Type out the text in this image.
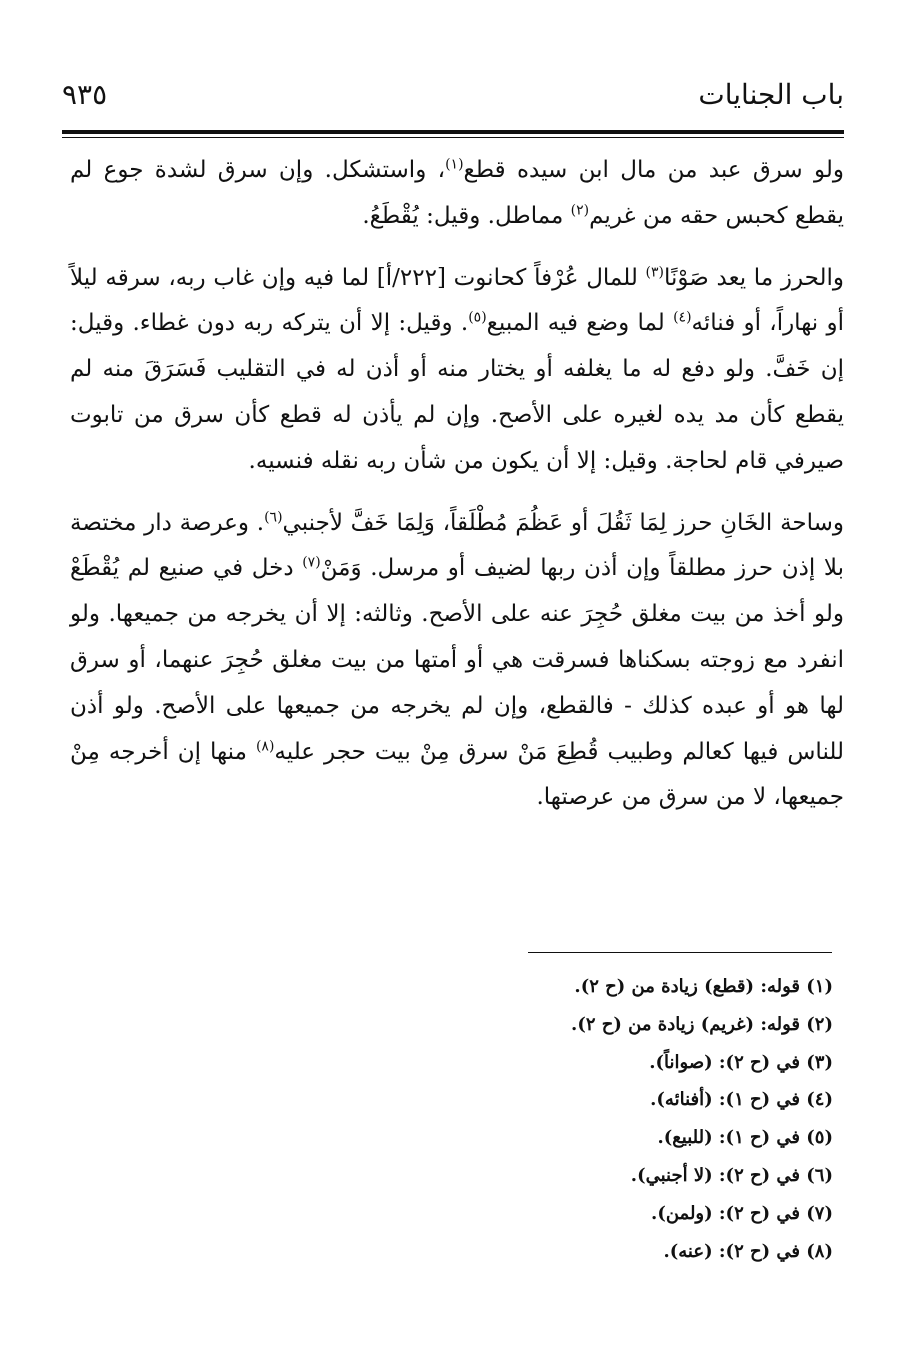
باب الجنايات
٩٣٥

ولو سرق عبد من مال ابن سيده قطع$^{(١)}$، واستشكل. وإن سرق لشدة جوع لم يقطع كحبس حقه من غريم$^{(٢)}$ مماطل. وقيل: يُقْطَعُ.

والحرز ما يعد صَوْنًا$^{(٣)}$ للمال عُرْفاً كحانوت [٢٢٢/أ] لما فيه وإن غاب ربه، سرقه ليلاً أو نهاراً، أو فنائه$^{(٤)}$ لما وضع فيه المبيع$^{(٥)}$. وقيل: إلا أن يتركه ربه دون غطاء. وقيل: إن خَفَّ. ولو دفع له ما يغلفه أو يختار منه أو أذن له في التقليب فَسَرَقَ منه لم يقطع كأن مد يده لغيره على الأصح. وإن لم يأذن له قطع كأن سرق من تابوت صيرفي قام لحاجة. وقيل: إلا أن يكون من شأن ربه نقله فنسيه.

وساحة الخَانِ حرز لِمَا ثَقُلَ أو عَظُمَ مُطْلَقاً، وَلِمَا خَفَّ لأجنبي$^{(٦)}$. وعرصة دار مختصة بلا إذن حرز مطلقاً وإن أذن ربها لضيف أو مرسل. وَمَنْ$^{(٧)}$ دخل في صنيع لم يُقْطَعْ ولو أخذ من بيت مغلق حُجِرَ عنه على الأصح. وثالثه: إلا أن يخرجه من جميعها. ولو انفرد مع زوجته بسكناها فسرقت هي أو أمتها من بيت مغلق حُجِرَ عنهما، أو سرق لها هو أو عبده كذلك - فالقطع، وإن لم يخرجه من جميعها على الأصح. ولو أذن للناس فيها كعالم وطبيب قُطِعَ مَنْ سرق مِنْ بيت حجر عليه$^{(٨)}$ منها إن أخرجه مِنْ جميعها، لا من سرق من عرصتها.

(١) قوله: (قطع) زيادة من (ح ٢).
(٢) قوله: (غريم) زيادة من (ح ٢).
(٣) في (ح ٢): (صواناً).
(٤) في (ح ١): (أفنائه).
(٥) في (ح ١): (للبيع).
(٦) في (ح ٢): (لا أجنبي).
(٧) في (ح ٢): (ولمن).
(٨) في (ح ٢): (عنه).
